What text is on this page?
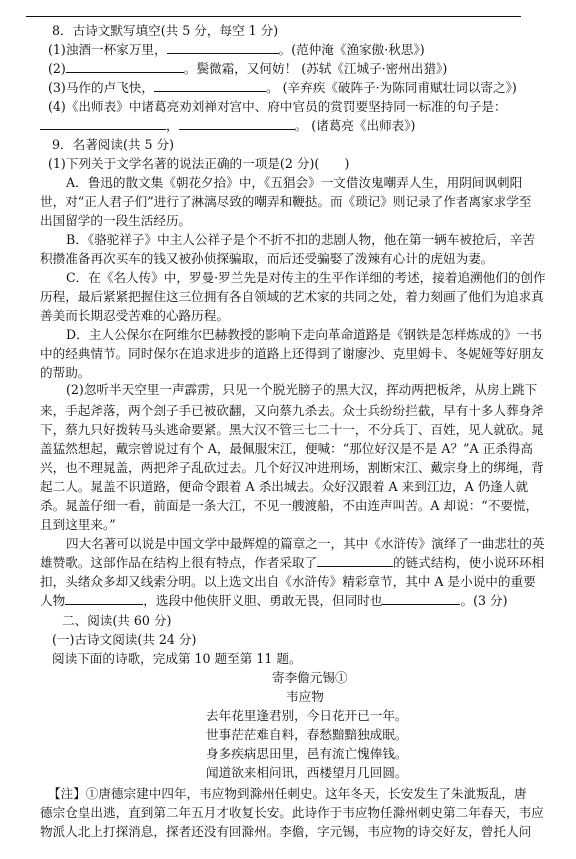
8．古诗文默写填空(共 5 分，每空 1 分)
(1)浊酒一杯家万里，	。(范仲淹《渔家傲·秋思》)
(2)	。鬓微霜，又何妨！ (苏轼《江城子·密州出猎》)
(3)马作的卢飞快，	。 (辛弃疾《破阵子·为陈同甫赋壮词以寄之》)
(4)《出师表》中诸葛亮劝刘禅对宫中、府中官员的赏罚要坚持同一标准的句子是：
，	。 (诸葛亮《出师表》)
9．名著阅读(共 5 分)
(1)下列关于文学名著的说法正确的一项是(2 分)(　　)
A．鲁迅的散文集《朝花夕拾》中，《五猖会》一文借汝鬼嘲弄人生，用阴间讽刺阳
世，对“正人君子们”进行了淋漓尽致的嘲弄和鞭挞。而《琐记》则记录了作者离家求学至
出国留学的一段生活经历。
B．《骆驼祥子》中主人公祥子是个不折不扣的悲剧人物，他在第一辆车被抢后，辛苦
积攒准备再次买车的钱又被孙侦探骗取，而后还受骗娶了泼辣有心计的虎妞为妻。
C．在《名人传》中，罗曼·罗兰先是对传主的生平作详细的考述，接着追溯他们的创作
历程，最后紧紧把握住这三位拥有各自领域的艺术家的共同之处，着力刻画了他们为追求真
善美而长期忍受苦难的心路历程。
D．主人公保尔在阿维尔巴赫教授的影响下走向革命道路是《钢铁是怎样炼成的》一书
中的经典情节。同时保尔在追求进步的道路上还得到了谢廖沙、克里姆卡、冬妮娅等好朋友
的帮助。
(2)忽听半天空里一声霹雳，只见一个脱光膀子的黑大汉，挥动两把板斧，从房上跳下
来，手起斧落，两个刽子手已被砍翻，又向蔡九杀去。众士兵纷纷拦截，早有十多人葬身斧
下，蔡九只好拨转马头逃命要紧。黑大汉不管三七二十一，不分兵丁、百姓，见人就砍。晁
盖猛然想起，戴宗曾说过有个 A，最佩服宋江，便喊：“那位好汉是不是 A？”A 正杀得高
兴，也不理晁盖，两把斧子乱砍过去。几个好汉冲进刑场，割断宋江、戴宗身上的绑绳，背
起二人。晁盖不识道路，便命令跟着 A 杀出城去。众好汉跟着 A 来到江边，A 仍逢人就
杀。晁盖仔细一看，前面是一条大江，不见一艘渡船，不由连声叫苦。A 却说：“不要慌，
且到这里来。”
四大名著可以说是中国文学中最辉煌的篇章之一，其中《水浒传》演绎了一曲悲壮的英
雄赞歌。这部作品在结构上很有特点，作者采取了	的链式结构，使小说环环相
扣，头绪众多却又线索分明。以上选文出自《水浒传》精彩章节，其中 A 是小说中的重要
人物	，选段中他侠肝义胆、勇敢无畏，但同时也	。(3 分)
二、阅读(共 60 分)
(一)古诗文阅读(共 24 分)
阅读下面的诗歌，完成第 10 题至第 11 题。
寄李儋元锡①
韦应物
去年花里逢君别，今日花开已一年。
世事茫茫难自料，春愁黯黯独成眠。
身多疾病思田里，邑有流亡愧俸钱。
闻道欲来相问讯，西楼望月几回圆。
【注】①唐德宗建中四年，韦应物到滁州任刺史。这年冬天，长安发生了朱泚叛乱，唐
德宗仓皇出逃，直到第二年五月才收复长安。此诗作于韦应物任滁州刺史第二年春天，韦应
物派人北上打探消息，探者还没有回滁州。李儋，字元锡，韦应物的诗交好友，曾托人问
